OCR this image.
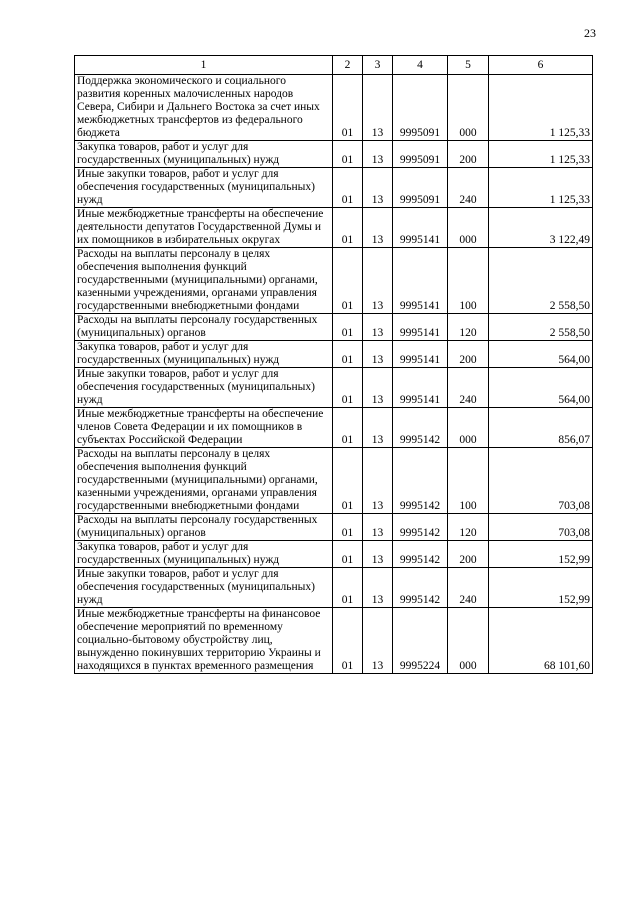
23
1	2	3	4	5	6
Поддержка экономического и социального развития коренных малочисленных народов Севера, Сибири и Дальнего Востока за счет иных межбюджетных трансфертов из федерального бюджета	01	13	9995091	000	1 125,33
Закупка товаров, работ и услуг для государственных (муниципальных) нужд	01	13	9995091	200	1 125,33
Иные закупки товаров, работ и услуг для обеспечения государственных (муниципальных) нужд	01	13	9995091	240	1 125,33
Иные межбюджетные трансферты на обеспечение деятельности депутатов Государственной Думы и их помощников в избирательных округах	01	13	9995141	000	3 122,49
Расходы на выплаты персоналу в целях обеспечения выполнения функций государственными (муниципальными) органами, казенными учреждениями, органами управления государственными внебюджетными фондами	01	13	9995141	100	2 558,50
Расходы на выплаты персоналу государственных (муниципальных) органов	01	13	9995141	120	2 558,50
Закупка товаров, работ и услуг для государственных (муниципальных) нужд	01	13	9995141	200	564,00
Иные закупки товаров, работ и услуг для обеспечения государственных (муниципальных) нужд	01	13	9995141	240	564,00
Иные межбюджетные трансферты на обеспечение членов Совета Федерации и их помощников в субъектах Российской Федерации	01	13	9995142	000	856,07
Расходы на выплаты персоналу в целях обеспечения выполнения функций государственными (муниципальными) органами, казенными учреждениями, органами управления государственными внебюджетными фондами	01	13	9995142	100	703,08
Расходы на выплаты персоналу государственных (муниципальных) органов	01	13	9995142	120	703,08
Закупка товаров, работ и услуг для государственных (муниципальных) нужд	01	13	9995142	200	152,99
Иные закупки товаров, работ и услуг для обеспечения государственных (муниципальных) нужд	01	13	9995142	240	152,99
Иные межбюджетные трансферты на финансовое обеспечение мероприятий по временному социально-бытовому обустройству лиц, вынужденно покинувших территорию Украины и находящихся в пунктах временного размещения	01	13	9995224	000	68 101,60
